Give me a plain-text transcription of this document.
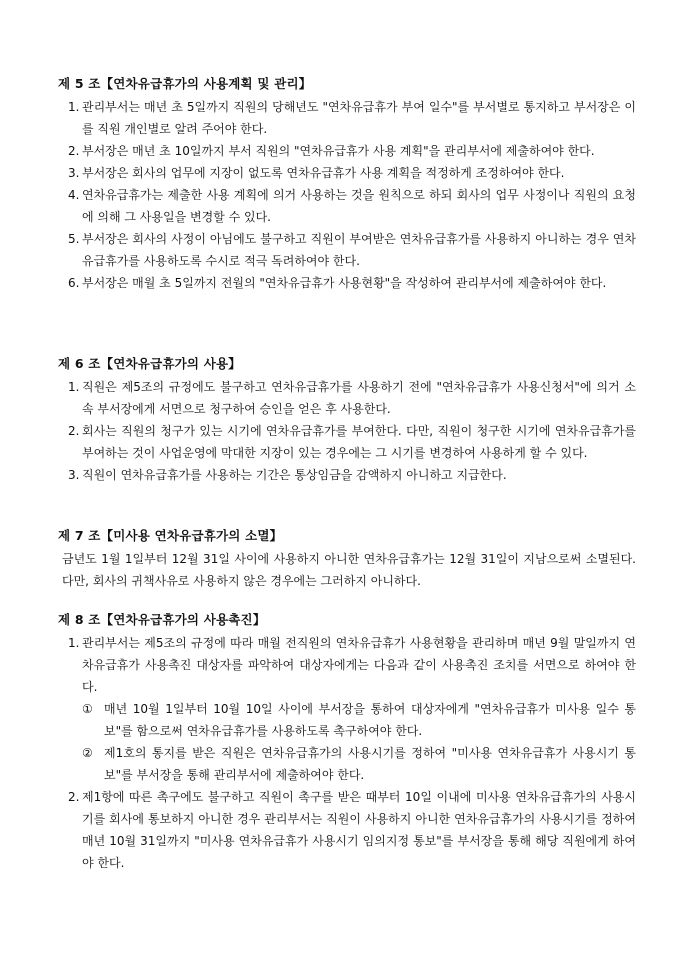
제 5 조【연차유급휴가의 사용계획 및 관리】
1. 관리부서는 매년 초 5일까지 직원의 당해년도 "연차유급휴가 부여 일수"를 부서별로 통지하고 부서장은 이를 직원 개인별로 알려 주어야 한다.
2. 부서장은 매년 초 10일까지 부서 직원의 "연차유급휴가 사용 계획"을 관리부서에 제출하여야 한다.
3. 부서장은 회사의 업무에 지장이 없도록 연차유급휴가 사용 계획을 적정하게 조정하여야 한다.
4. 연차유급휴가는 제출한 사용 계획에 의거 사용하는 것을 원칙으로 하되 회사의 업무 사정이나 직원의 요청에 의해 그 사용일을 변경할 수 있다.
5. 부서장은 회사의 사정이 아님에도 불구하고 직원이 부여받은 연차유급휴가를 사용하지 아니하는 경우 연차유급휴가를 사용하도록 수시로 적극 독려하여야 한다.
6. 부서장은 매월 초 5일까지 전월의 "연차유급휴가 사용현황"을 작성하여 관리부서에 제출하여야 한다.
제 6 조【연차유급휴가의 사용】
1. 직원은 제5조의 규정에도 불구하고 연차유급휴가를 사용하기 전에 "연차유급휴가 사용신청서"에 의거 소속 부서장에게 서면으로 청구하여 승인을 얻은 후 사용한다.
2. 회사는 직원의 청구가 있는 시기에 연차유급휴가를 부여한다. 다만, 직원이 청구한 시기에 연차유급휴가를 부여하는 것이 사업운영에 막대한 지장이 있는 경우에는 그 시기를 변경하여 사용하게 할 수 있다.
3. 직원이 연차유급휴가를 사용하는 기간은 통상임금을 감액하지 아니하고 지급한다.
제 7 조【미사용 연차유급휴가의 소멸】
금년도 1월 1일부터 12월 31일 사이에 사용하지 아니한 연차유급휴가는 12월 31일이 지남으로써 소멸된다. 다만, 회사의 귀책사유로 사용하지 않은 경우에는 그러하지 아니하다.
제 8 조【연차유급휴가의 사용촉진】
1. 관리부서는 제5조의 규정에 따라 매월 전직원의 연차유급휴가 사용현황을 관리하며 매년 9월 말일까지 연차유급휴가 사용촉진 대상자를 파악하여 대상자에게는 다음과 같이 사용촉진 조치를 서면으로 하여야 한다.
① 매년 10월 1일부터 10월 10일 사이에 부서장을 통하여 대상자에게 "연차유급휴가 미사용 일수 통보"를 함으로써 연차유급휴가를 사용하도록 촉구하여야 한다.
② 제1호의 통지를 받은 직원은 연차유급휴가의 사용시기를 정하여 "미사용 연차유급휴가 사용시기 통보"를 부서장을 통해 관리부서에 제출하여야 한다.
2. 제1항에 따른 촉구에도 불구하고 직원이 촉구를 받은 때부터 10일 이내에 미사용 연차유급휴가의 사용시기를 회사에 통보하지 아니한 경우 관리부서는 직원이 사용하지 아니한 연차유급휴가의 사용시기를 정하여 매년 10월 31일까지 "미사용 연차유급휴가 사용시기 임의지정 통보"를 부서장을 통해 해당 직원에게 하여야 한다.
